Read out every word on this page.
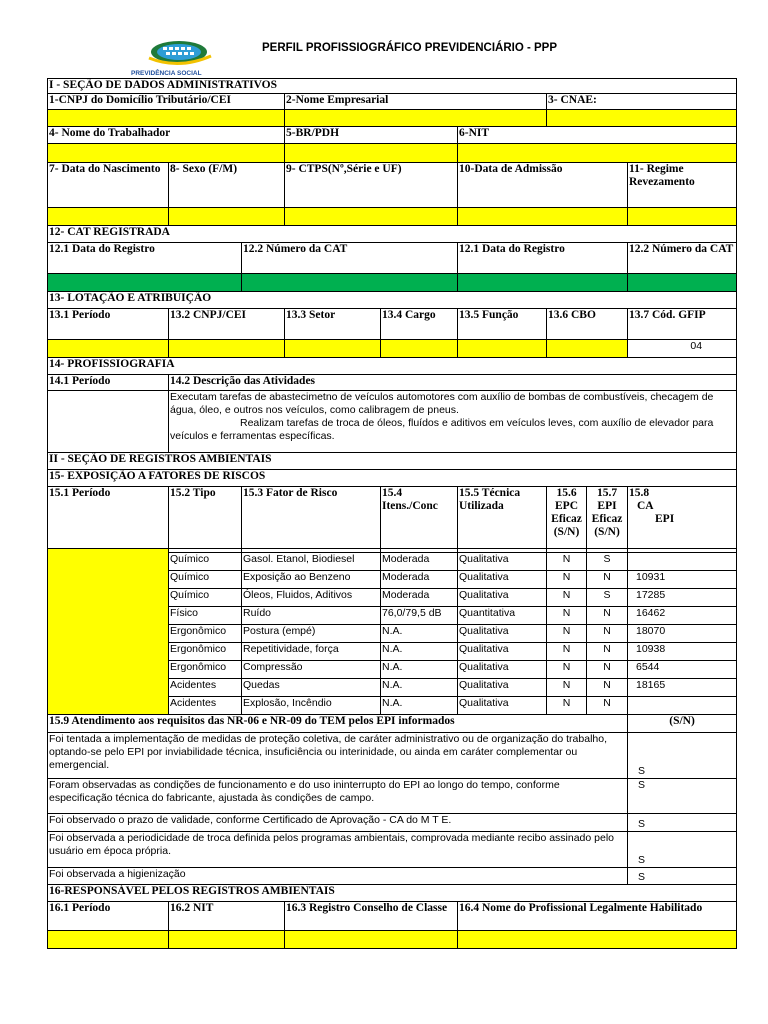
PREVIDÊNCIA SOCIAL
PERFIL PROFISSIOGRÁFICO PREVIDENCIÁRIO - PPP
I - SEÇÃO DE DADOS ADMINISTRATIVOS								
1-CNPJ do Domicílio Tributário/CEI			2-Nome Empresarial			3- CNAE:		

4- Nome do Trabalhador			5-BR/PDH		6-NIT			

7- Data do Nascimento	8- Sexo (F/M)		9- CTPS(Nº,Série e UF)		10-Data de Admissão			11- Regime Revezamento

12- CAT REGISTRADA								
12.1 Data do Registro		12.2 Número da CAT			12.1 Data do Registro			12.2 Número da CAT

13- LOTAÇÃO E ATRIBUIÇÃO								
13.1 Período	13.2 CNPJ/CEI		13.3 Setor	13.4 Cargo	13.5 Função	13.6 CBO		13.7 Cód. GFIP
								04
14- PROFISSIOGRAFIA								
14.1 Período	14.2 Descrição das Atividades							

	Executam tarefas de abastecimetno de veículos automotores com auxílio de bombas de combustíveis, checagem de água, óleo, e outros nos veículos, como calibragem de pneus.
Realizam tarefas de troca de óleos, fluídos e aditivos em veículos leves, com auxílio de elevador para veículos e ferramentas específicas.							

II - SEÇÃO DE REGISTROS AMBIENTAIS								
15- EXPOSIÇÃO A FATORES DE RISCOS								
15.1 Período	15.2 Tipo	15.3 Fator de Risco		15.4 Itens./Conc	15.5 Técnica Utilizada	15.6 EPC Eficaz (S/N)	15.7 EPI Eficaz (S/N)	15.8
CA
EPI

	Químico	Gasol. Etanol, Biodiesel		Moderada	Qualitativa	N	S	
	Químico	Exposição ao Benzeno		Moderada	Qualitativa	N	N	10931
	Químico	Óleos, Fluidos, Aditivos		Moderada	Qualitativa	N	S	17285
	Físico	Ruído		76,0/79,5 dB	Quantitativa	N	N	16462
	Ergonômico	Postura (empé)		N.A.	Qualitativa	N	N	18070
	Ergonômico	Repetitividade, força		N.A.	Qualitativa	N	N	10938
	Ergonômico	Compressão		N.A.	Qualitativa	N	N	6544
	Acidentes	Quedas		N.A.	Qualitativa	N	N	18165
	Acidentes	Explosão, Incêndio		N.A.	Qualitativa	N	N	
15.9 Atendimento aos requisitos das NR-06 e NR-09 do TEM pelos EPI informados								(S/N)
Foi tentada a implementação de medidas de proteção coletiva, de caráter administrativo ou de organização do trabalho, optando-se pelo EPI por inviabilidade técnica, insuficiência ou interinidade, ou ainda em caráter complementar ou emergencial.								S
Foram observadas as condições de funcionamento e do uso ininterrupto do EPI ao longo do tempo, conforme especificação técnica do fabricante, ajustada às condições de campo.								S
Foi observado o prazo de validade, conforme Certificado de Aprovação - CA do M T E.								S
Foi observada a periodicidade de troca definida pelos programas ambientais, comprovada mediante recibo assinado pelo usuário em época própria.								S
Foi observada a higienização								S
16-RESPONSÁVEL PELOS REGISTROS AMBIENTAIS								
16.1 Período	16.2 NIT		16.3 Registro Conselho de Classe		16.4 Nome do Profissional Legalmente Habilitado			
